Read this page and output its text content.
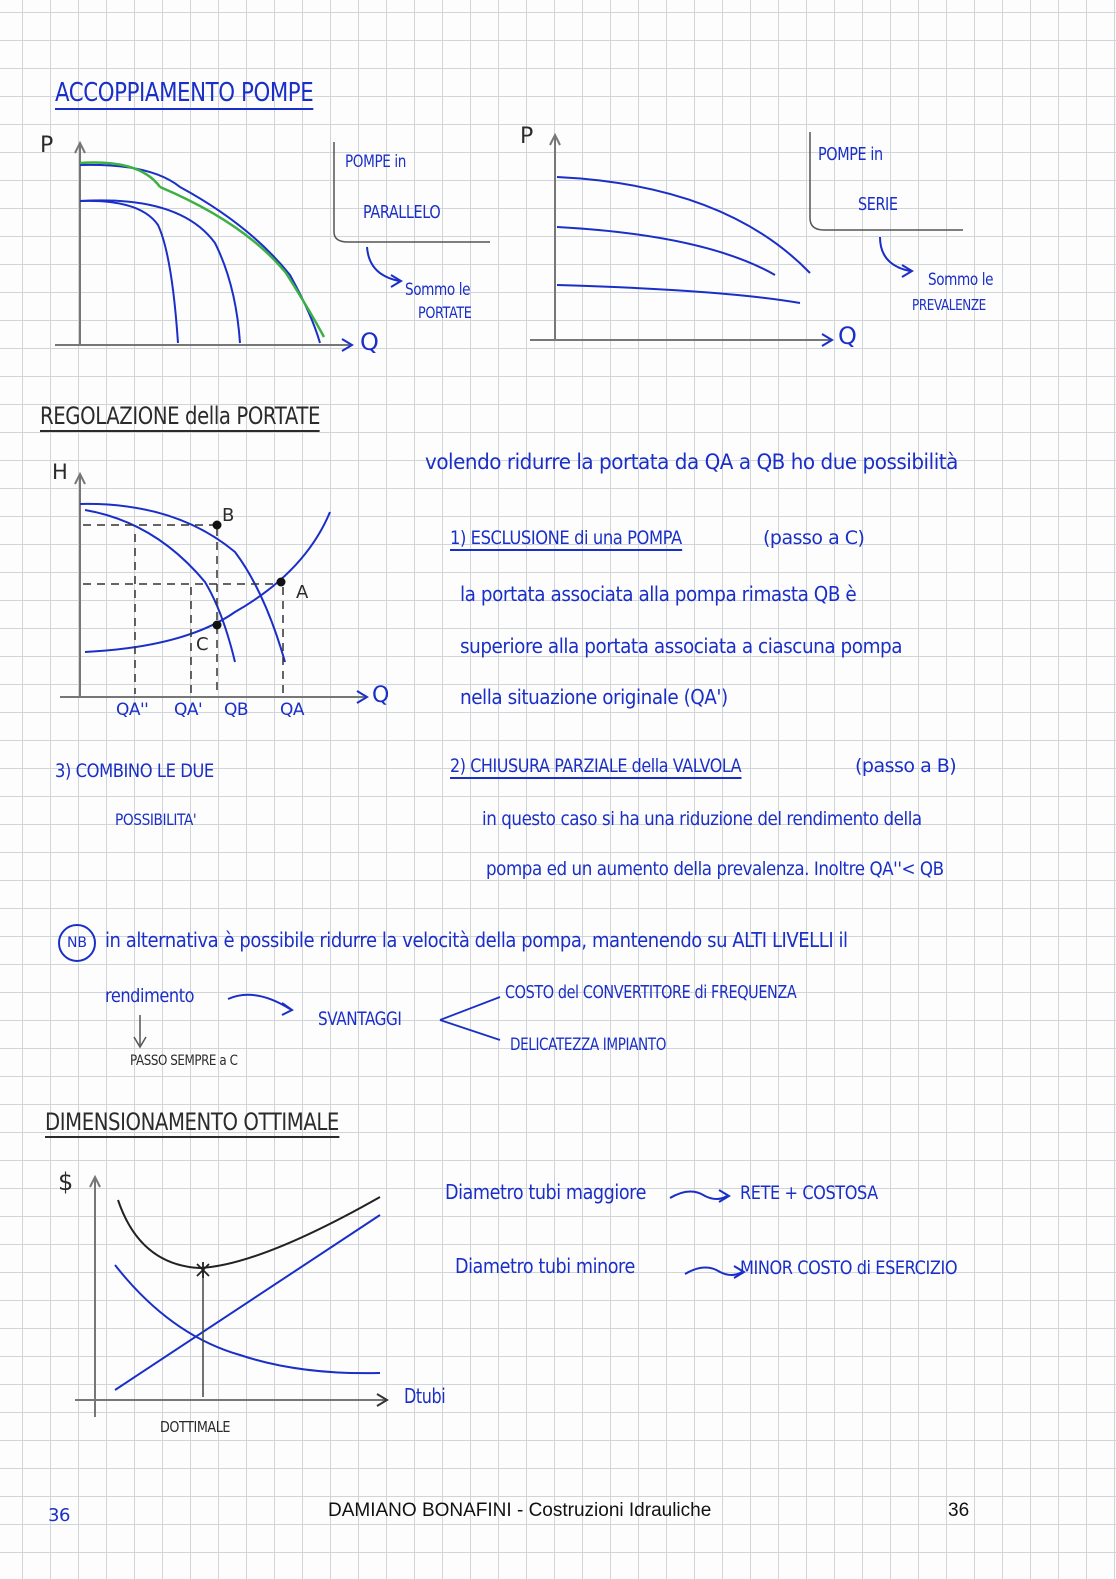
ACCOPPIAMENTO POMPE
P
Q
POMPE in
PARALLELO
Sommo le
PORTATE
P
Q
POMPE in
SERIE
Sommo le
PREVALENZE
REGOLAZIONE della PORTATE
H
Q
B
A
C
QA'' QA' QB QA
volendo ridurre la portata da QA a QB ho due possibilità
1) ESCLUSIONE di una POMPA	(passo a C)
la portata associata alla pompa rimasta QB è
superiore alla portata associata a ciascuna pompa
nella situazione originale (QA')
2) CHIUSURA PARZIALE della VALVOLA	(passo a B)
in questo caso si ha una riduzione del rendimento della
pompa ed un aumento della prevalenza. Inoltre QA''< QB
3) COMBINO LE DUE
POSSIBILITA'
NB in alternativa è possibile ridurre la velocità della pompa, mantenendo su ALTI LIVELLI il
rendimento
SVANTAGGI
COSTO del CONVERTITORE di FREQUENZA
DELICATEZZA IMPIANTO
PASSO SEMPRE a C
DIMENSIONAMENTO OTTIMALE
$
Dtubi
DOTTIMALE
Diametro tubi maggiore	RETE + COSTOSA
Diametro tubi minore	MINOR COSTO di ESERCIZIO
36	DAMIANO BONAFINI - Costruzioni Idrauliche	36
